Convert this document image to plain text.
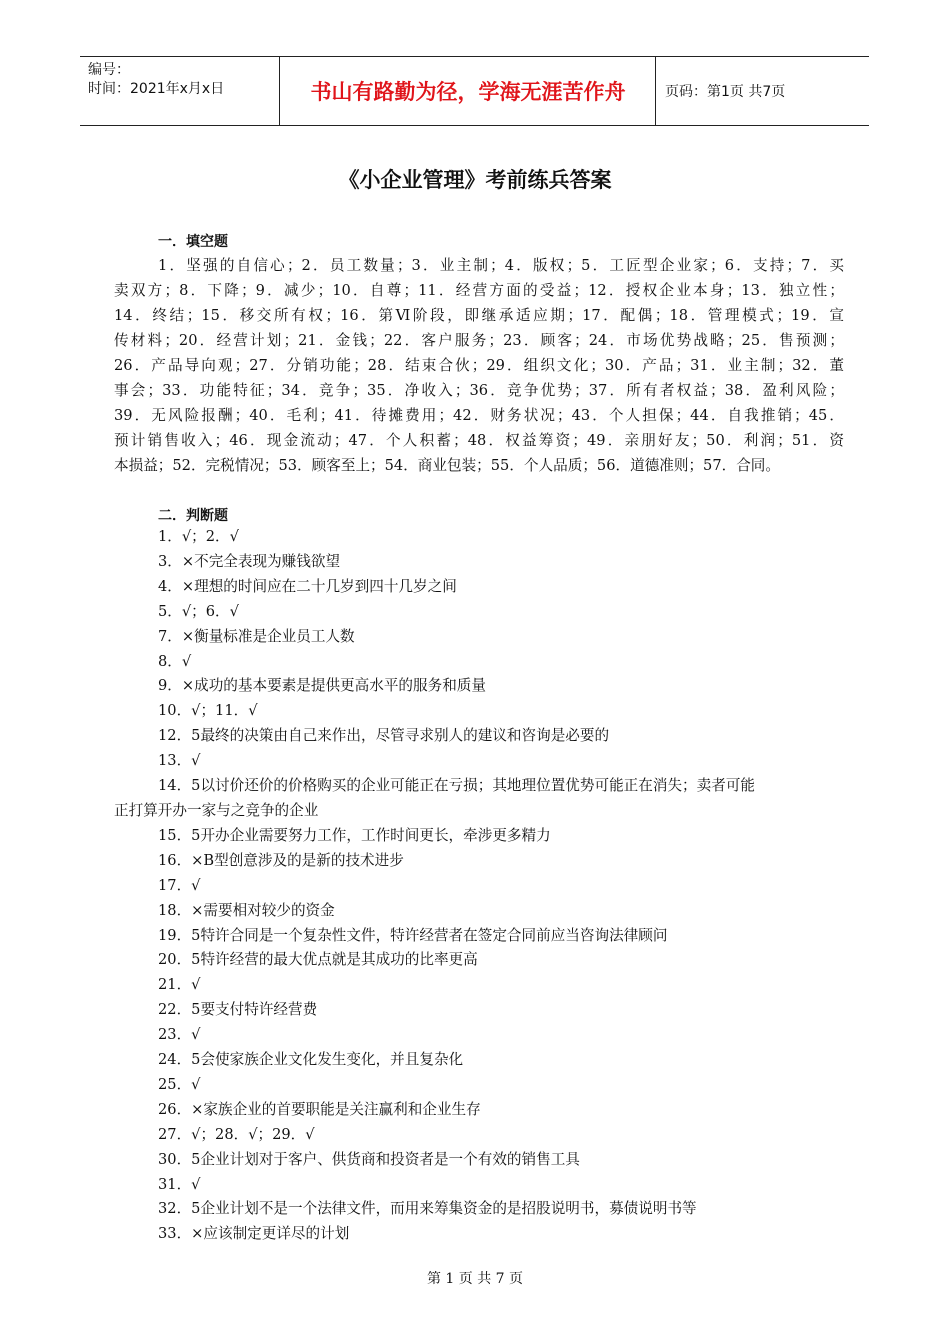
编号：
时间：2021年x月x日	书山有路勤为径，学海无涯苦作舟	页码：第1页 共7页
《小企业管理》考前练兵答案
一．填空题
1．坚强的自信心；2．员工数量；3．业主制；4．版权；5．工匠型企业家；6．支持；7．买
卖双方；8．下降；9．减少；10．自尊；11．经营方面的受益；12．授权企业本身；13．独立性；
14．终结；15．移交所有权；16．第Ⅵ阶段，即继承适应期；17．配偶；18．管理模式；19．宣
传材料；20．经营计划；21．金钱；22．客户服务；23．顾客；24．市场优势战略；25．售预测；
26．产品导向观；27．分销功能；28．结束合伙；29．组织文化；30．产品；31．业主制；32．董
事会；33．功能特征；34．竞争；35．净收入；36．竞争优势；37．所有者权益；38．盈利风险；
39．无风险报酬；40．毛利；41．待摊费用；42．财务状况；43．个人担保；44．自我推销；45．
预计销售收入；46．现金流动；47．个人积蓄；48．权益筹资；49．亲朋好友；50．利润；51．资
本损益；52．完税情况；53．顾客至上；54．商业包装；55．个人品质；56．道德准则；57．合同。
二．判断题
1．√；2．√
3．×不完全表现为赚钱欲望
4．×理想的时间应在二十几岁到四十几岁之间
5．√；6．√
7．×衡量标准是企业员工人数
8．√
9．×成功的基本要素是提供更高水平的服务和质量
10．√；11．√
12．5最终的决策由自己来作出，尽管寻求别人的建议和咨询是必要的
13．√
14．5以讨价还价的价格购买的企业可能正在亏损；其地理位置优势可能正在消失；卖者可能
正打算开办一家与之竞争的企业
15．5开办企业需要努力工作，工作时间更长，牵涉更多精力
16．×B型创意涉及的是新的技术进步
17．√
18．×需要相对较少的资金
19．5特许合同是一个复杂性文件，特许经营者在签定合同前应当咨询法律顾问
20．5特许经营的最大优点就是其成功的比率更高
21．√
22．5要支付特许经营费
23．√
24．5会使家族企业文化发生变化，并且复杂化
25．√
26．×家族企业的首要职能是关注赢利和企业生存
27．√；28．√；29．√
30．5企业计划对于客户、供货商和投资者是一个有效的销售工具
31．√
32．5企业计划不是一个法律文件，而用来筹集资金的是招股说明书，募债说明书等
33．×应该制定更详尽的计划
第 1 页 共 7 页
